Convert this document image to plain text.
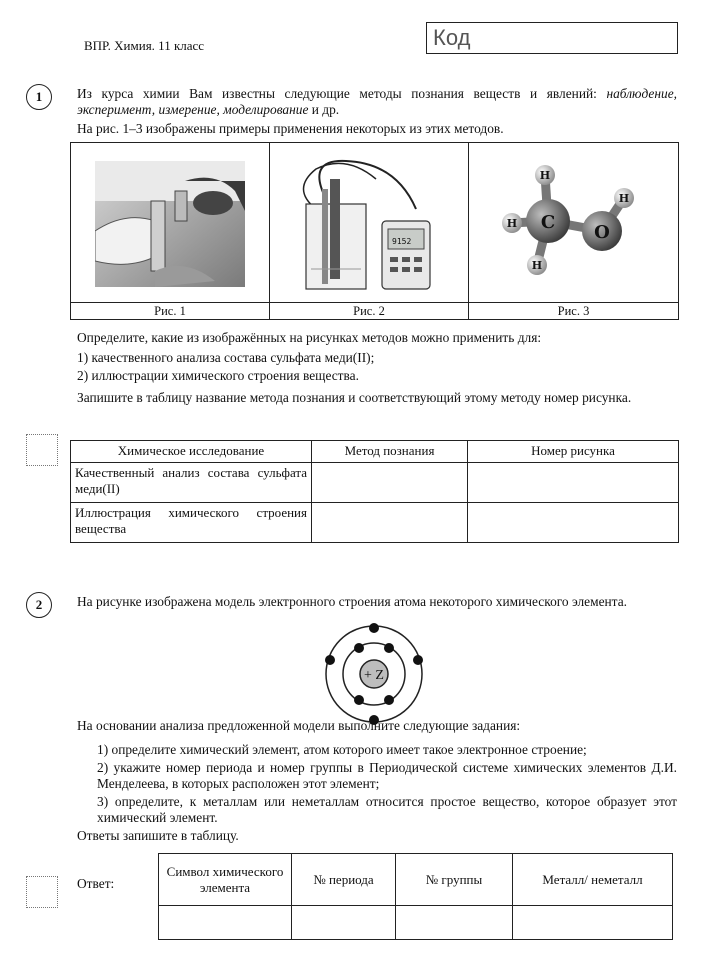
ВПР. Химия. 11 класс	Код
1	Из курса химии Вам известны следующие методы познания веществ и явлений: наблюдение, эксперимент, измерение, моделирование и др.
На рис. 1–3 изображены примеры применения некоторых из этих методов.
Рис. 1
9152
Рис. 2
C O
H
H
H
H
Рис. 3
Определите, какие из изображённых на рисунках методов можно применить для:
1) качественного анализа состава сульфата меди(II);
2) иллюстрации химического строения вещества.
Запишите в таблицу название метода познания и соответствующий этому методу номер рисунка.
Химическое исследование	Метод познания	Номер рисунка
Качественный анализ состава сульфата меди(II)		
Иллюстрация химического строения вещества		
2	На рисунке изображена модель электронного строения атома некоторого химического элемента.
+ Z
На основании анализа предложенной модели выполните следующие задания:
1) определите химический элемент, атом которого имеет такое электронное строение;
2) укажите номер периода и номер группы в Периодической системе химических элементов Д.И. Менделеева, в которых расположен этот элемент;
3) определите, к металлам или неметаллам относится простое вещество, которое образует этот химический элемент.
Ответы запишите в таблицу.
Ответ:
Символ химического элемента	№ периода	№ группы	Металл/ неметалл
